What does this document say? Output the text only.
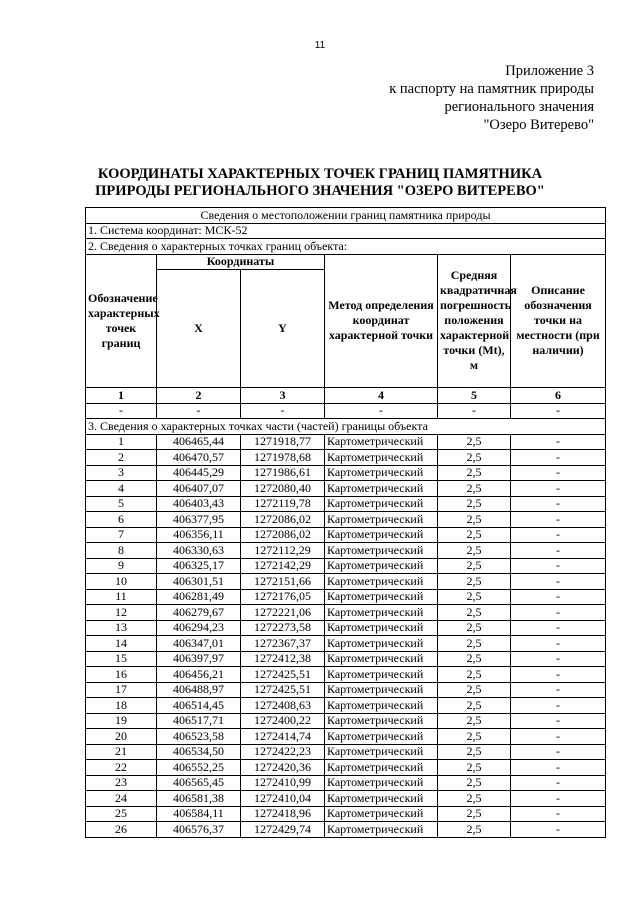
11
Приложение 3
к паспорту на памятник природы
регионального значения
"Озеро Витерево"
КООРДИНАТЫ ХАРАКТЕРНЫХ ТОЧЕК ГРАНИЦ ПАМЯТНИКА
ПРИРОДЫ РЕГИОНАЛЬНОГО ЗНАЧЕНИЯ "ОЗЕРО ВИТЕРЕВО"
Сведения о местоположении границ памятника природы					
1. Система координат: МСК-52					
2. Сведения о характерных точках границ объекта:					
Обозначение характерных точек границ	Координаты		Метод определения координат характерной точки	Средняя квадратичная погрешность положения характерной точки (Mt), м	Описание обозначения точки на местности (при наличии)
	X	Y			
1	2	3	4	5	6
-	-	-	-	-	-
3. Сведения о характерных точках части (частей) границы объекта					
1	406465,44	1271918,77	Картометрический	2,5	-
2	406470,57	1271978,68	Картометрический	2,5	-
3	406445,29	1271986,61	Картометрический	2,5	-
4	406407,07	1272080,40	Картометрический	2,5	-
5	406403,43	1272119,78	Картометрический	2,5	-
6	406377,95	1272086,02	Картометрический	2,5	-
7	406356,11	1272086,02	Картометрический	2,5	-
8	406330,63	1272112,29	Картометрический	2,5	-
9	406325,17	1272142,29	Картометрический	2,5	-
10	406301,51	1272151,66	Картометрический	2,5	-
11	406281,49	1272176,05	Картометрический	2,5	-
12	406279,67	1272221,06	Картометрический	2,5	-
13	406294,23	1272273,58	Картометрический	2,5	-
14	406347,01	1272367,37	Картометрический	2,5	-
15	406397,97	1272412,38	Картометрический	2,5	-
16	406456,21	1272425,51	Картометрический	2,5	-
17	406488,97	1272425,51	Картометрический	2,5	-
18	406514,45	1272408,63	Картометрический	2,5	-
19	406517,71	1272400,22	Картометрический	2,5	-
20	406523,58	1272414,74	Картометрический	2,5	-
21	406534,50	1272422,23	Картометрический	2,5	-
22	406552,25	1272420,36	Картометрический	2,5	-
23	406565,45	1272410,99	Картометрический	2,5	-
24	406581,38	1272410,04	Картометрический	2,5	-
25	406584,11	1272418,96	Картометрический	2,5	-
26	406576,37	1272429,74	Картометрический	2,5	-
